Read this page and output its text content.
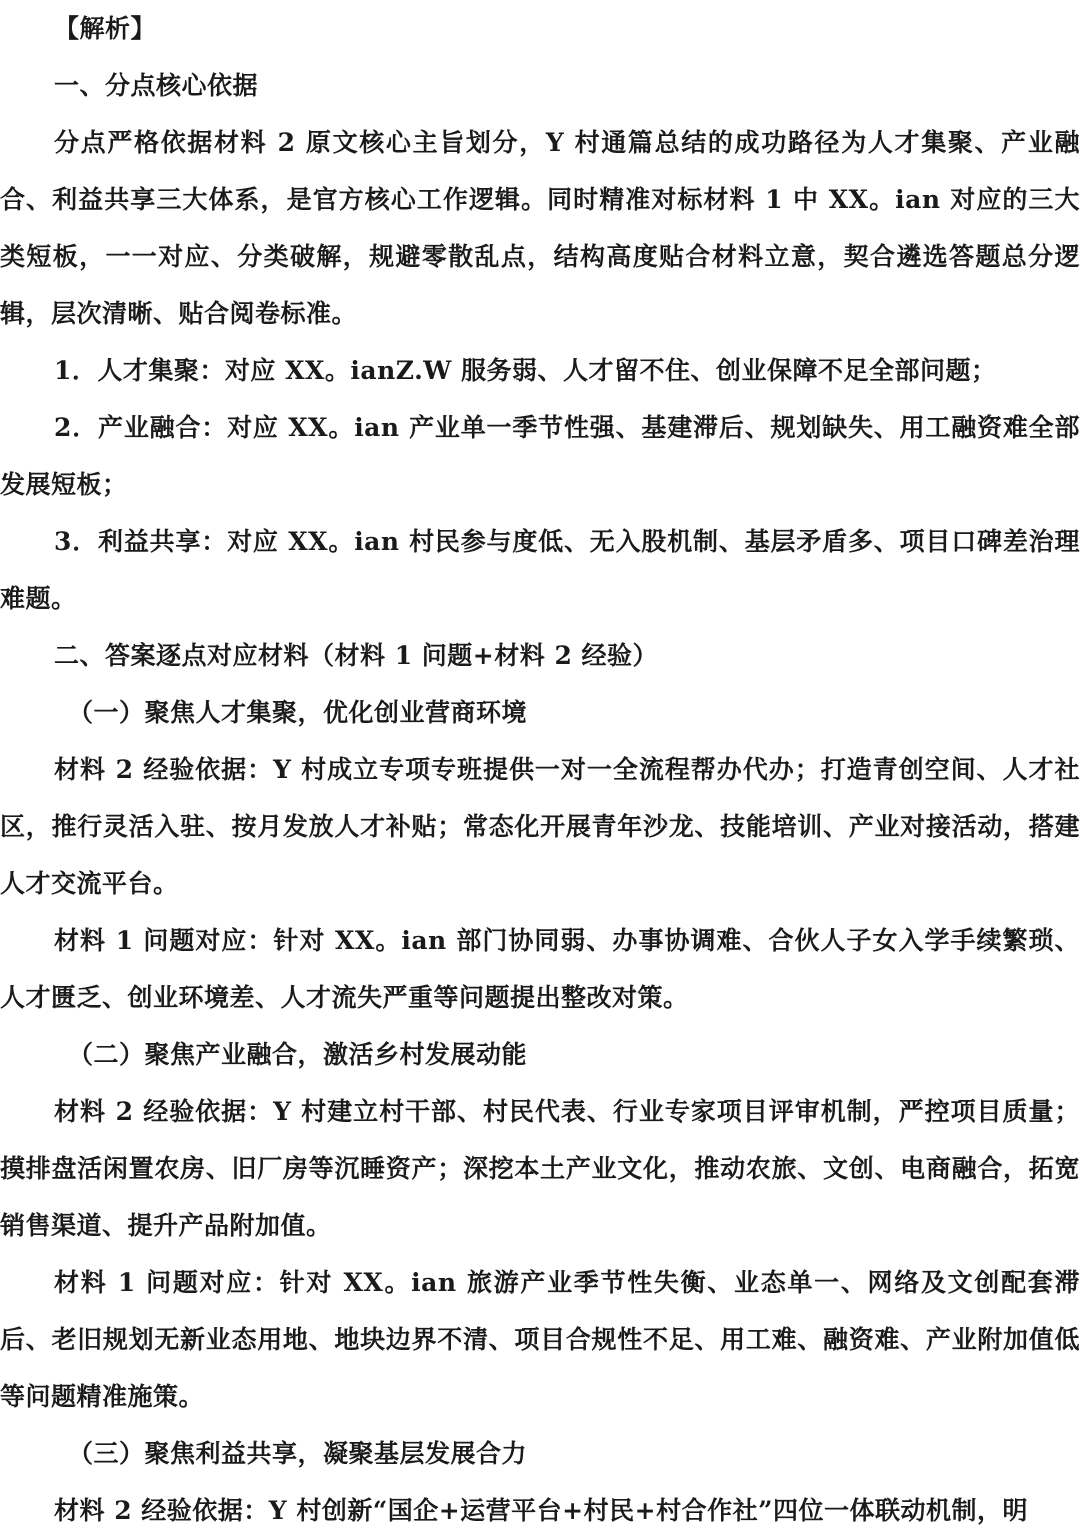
【解析】

一、分点核心依据

分点严格依据材料 2 原文核心主旨划分，Y 村通篇总结的成功路径为人才集聚、产业融合、利益共享三大体系，是官方核心工作逻辑。同时精准对标材料 1 中 XX。ian 对应的三大类短板，一一对应、分类破解，规避零散乱点，结构高度贴合材料立意，契合遴选答题总分逻辑，层次清晰、贴合阅卷标准。

1．人才集聚：对应 XX。ianZ.W 服务弱、人才留不住、创业保障不足全部问题；

2．产业融合：对应 XX。ian 产业单一季节性强、基建滞后、规划缺失、用工融资难全部发展短板；

3．利益共享：对应 XX。ian 村民参与度低、无入股机制、基层矛盾多、项目口碑差治理难题。

二、答案逐点对应材料（材料 1 问题+材料 2 经验）

（一）聚焦人才集聚，优化创业营商环境

材料 2 经验依据：Y 村成立专项专班提供一对一全流程帮办代办；打造青创空间、人才社区，推行灵活入驻、按月发放人才补贴；常态化开展青年沙龙、技能培训、产业对接活动，搭建人才交流平台。

材料 1 问题对应：针对 XX。ian 部门协同弱、办事协调难、合伙人子女入学手续繁琐、人才匮乏、创业环境差、人才流失严重等问题提出整改对策。

（二）聚焦产业融合，激活乡村发展动能

材料 2 经验依据：Y 村建立村干部、村民代表、行业专家项目评审机制，严控项目质量；摸排盘活闲置农房、旧厂房等沉睡资产；深挖本土产业文化，推动农旅、文创、电商融合，拓宽销售渠道、提升产品附加值。

材料 1 问题对应：针对 XX。ian 旅游产业季节性失衡、业态单一、网络及文创配套滞后、老旧规划无新业态用地、地块边界不清、项目合规性不足、用工难、融资难、产业附加值低等问题精准施策。

（三）聚焦利益共享，凝聚基层发展合力

材料 2 经验依据：Y 村创新“国企+运营平台+村民+村合作社”四位一体联动机制，明
